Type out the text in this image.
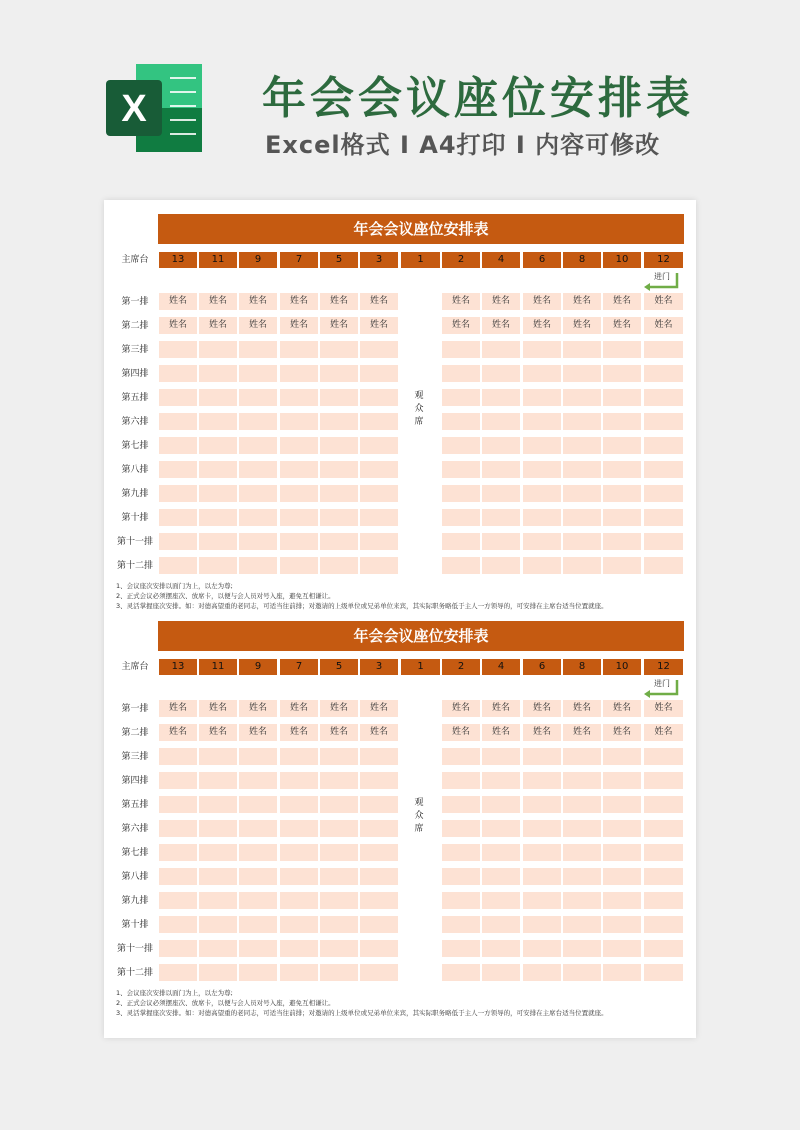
X	年会会议座位安排表
Excel格式 I A4打印 I 内容可修改
年会会议座位安排表
主席台	13	11	9	7	5	3	1	2	4	6	8	10	12
进门
第一排	姓名	姓名	姓名	姓名	姓名	姓名	姓名	姓名	姓名	姓名	姓名	姓名
第二排	姓名	姓名	姓名	姓名	姓名	姓名	姓名	姓名	姓名	姓名	姓名	姓名
第三排
第四排
第五排
第六排
第七排
第八排
第九排
第十排
第十一排
第十二排
观
众
席
1、会议座次安排以面门为上，以左为尊;
2、正式会议必须摆座次、放席卡，以便与会人员对号入座，避免互相谦让。
3、灵活掌握座次安排。如：对德高望重的老同志，可适当往前排；对邀请的上级单位或兄弟单位来宾，其实际职务略低于主人一方领导的，可安排在主席台适当位置就座。
年会会议座位安排表
主席台	13	11	9	7	5	3	1	2	4	6	8	10	12
进门
第一排	姓名	姓名	姓名	姓名	姓名	姓名	姓名	姓名	姓名	姓名	姓名	姓名
第二排	姓名	姓名	姓名	姓名	姓名	姓名	姓名	姓名	姓名	姓名	姓名	姓名
第三排
第四排
第五排
第六排
第七排
第八排
第九排
第十排
第十一排
第十二排
观
众
席
1、会议座次安排以面门为上，以左为尊;
2、正式会议必须摆座次、放席卡，以便与会人员对号入座，避免互相谦让。
3、灵活掌握座次安排。如：对德高望重的老同志，可适当往前排；对邀请的上级单位或兄弟单位来宾，其实际职务略低于主人一方领导的，可安排在主席台适当位置就座。
